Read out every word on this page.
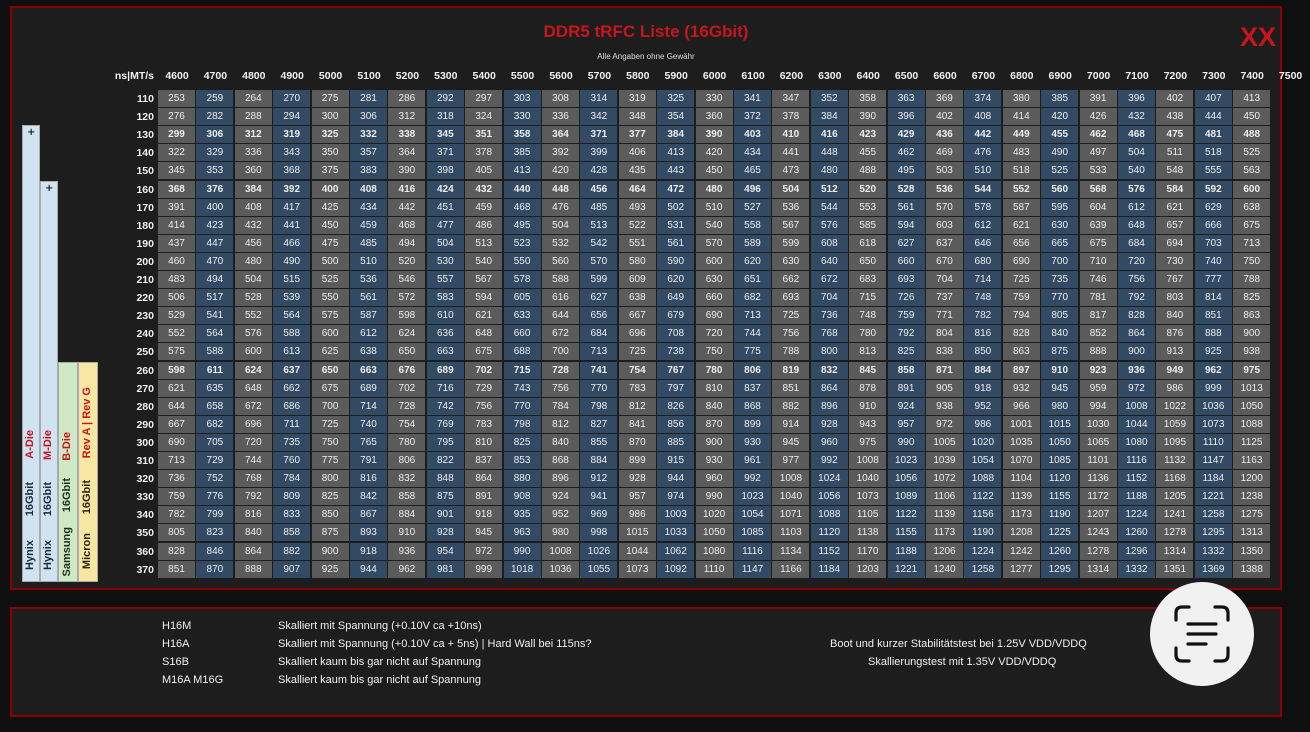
DDR5 tRFC Liste (16Gbit)
Alle Angaben ohne Gewähr
XX
ns|MT/s	4600	4700	4800	4900	5000	5100	5200	5300	5400	5500	5600	5700	5800	5900	6000	6100	6200	6300	6400	6500	6600	6700	6800	6900	7000	7100	7200	7300	7400	7500
110	253	259	264	270	275	281	286	292	297	303	308	314	319	325	330	341	347	352	358	363	369	374	380	385	391	396	402	407	413
120	276	282	288	294	300	306	312	318	324	330	336	342	348	354	360	372	378	384	390	396	402	408	414	420	426	432	438	444	450
130	299	306	312	319	325	332	338	345	351	358	364	371	377	384	390	403	410	416	423	429	436	442	449	455	462	468	475	481	488
140	322	329	336	343	350	357	364	371	378	385	392	399	406	413	420	434	441	448	455	462	469	476	483	490	497	504	511	518	525
150	345	353	360	368	375	383	390	398	405	413	420	428	435	443	450	465	473	480	488	495	503	510	518	525	533	540	548	555	563
160	368	376	384	392	400	408	416	424	432	440	448	456	464	472	480	496	504	512	520	528	536	544	552	560	568	576	584	592	600
170	391	400	408	417	425	434	442	451	459	468	476	485	493	502	510	527	536	544	553	561	570	578	587	595	604	612	621	629	638
180	414	423	432	441	450	459	468	477	486	495	504	513	522	531	540	558	567	576	585	594	603	612	621	630	639	648	657	666	675
190	437	447	456	466	475	485	494	504	513	523	532	542	551	561	570	589	599	608	618	627	637	646	656	665	675	684	694	703	713
200	460	470	480	490	500	510	520	530	540	550	560	570	580	590	600	620	630	640	650	660	670	680	690	700	710	720	730	740	750
210	483	494	504	515	525	536	546	557	567	578	588	599	609	620	630	651	662	672	683	693	704	714	725	735	746	756	767	777	788
220	506	517	528	539	550	561	572	583	594	605	616	627	638	649	660	682	693	704	715	726	737	748	759	770	781	792	803	814	825
230	529	541	552	564	575	587	598	610	621	633	644	656	667	679	690	713	725	736	748	759	771	782	794	805	817	828	840	851	863
240	552	564	576	588	600	612	624	636	648	660	672	684	696	708	720	744	756	768	780	792	804	816	828	840	852	864	876	888	900
250	575	588	600	613	625	638	650	663	675	688	700	713	725	738	750	775	788	800	813	825	838	850	863	875	888	900	913	925	938
260	598	611	624	637	650	663	676	689	702	715	728	741	754	767	780	806	819	832	845	858	871	884	897	910	923	936	949	962	975
270	621	635	648	662	675	689	702	716	729	743	756	770	783	797	810	837	851	864	878	891	905	918	932	945	959	972	986	999	1013
280	644	658	672	686	700	714	728	742	756	770	784	798	812	826	840	868	882	896	910	924	938	952	966	980	994	1008	1022	1036	1050
290	667	682	696	711	725	740	754	769	783	798	812	827	841	856	870	899	914	928	943	957	972	986	1001	1015	1030	1044	1059	1073	1088
300	690	705	720	735	750	765	780	795	810	825	840	855	870	885	900	930	945	960	975	990	1005	1020	1035	1050	1065	1080	1095	1110	1125
310	713	729	744	760	775	791	806	822	837	853	868	884	899	915	930	961	977	992	1008	1023	1039	1054	1070	1085	1101	1116	1132	1147	1163
320	736	752	768	784	800	816	832	848	864	880	896	912	928	944	960	992	1008	1024	1040	1056	1072	1088	1104	1120	1136	1152	1168	1184	1200
330	759	776	792	809	825	842	858	875	891	908	924	941	957	974	990	1023	1040	1056	1073	1089	1106	1122	1139	1155	1172	1188	1205	1221	1238
340	782	799	816	833	850	867	884	901	918	935	952	969	986	1003	1020	1054	1071	1088	1105	1122	1139	1156	1173	1190	1207	1224	1241	1258	1275
350	805	823	840	858	875	893	910	928	945	963	980	998	1015	1033	1050	1085	1103	1120	1138	1155	1173	1190	1208	1225	1243	1260	1278	1295	1313
360	828	846	864	882	900	918	936	954	972	990	1008	1026	1044	1062	1080	1116	1134	1152	1170	1188	1206	1224	1242	1260	1278	1296	1314	1332	1350
370	851	870	888	907	925	944	962	981	999	1018	1036	1055	1073	1092	1110	1147	1166	1184	1203	1221	1240	1258	1277	1295	1314	1332	1351	1369	1388
+
+
Hynix
16Gbit
A-Die
Hynix
16Gbit
M-Die
Samsung
16Gbit
B-Die
Micron
16Gbit
Rev A | Rev G
H16M	Skalliert mit Spannung (+0.10V ca +10ns)
H16A	Skalliert mit Spannung (+0.10V ca + 5ns) | Hard Wall bei 115ns?
S16B	Skalliert kaum bis gar nicht auf Spannung
M16A M16G	Skalliert kaum bis gar nicht auf Spannung
Boot und kurzer Stabilitätstest bei 1.25V VDD/VDDQ
Skallierungstest mit 1.35V VDD/VDDQ
